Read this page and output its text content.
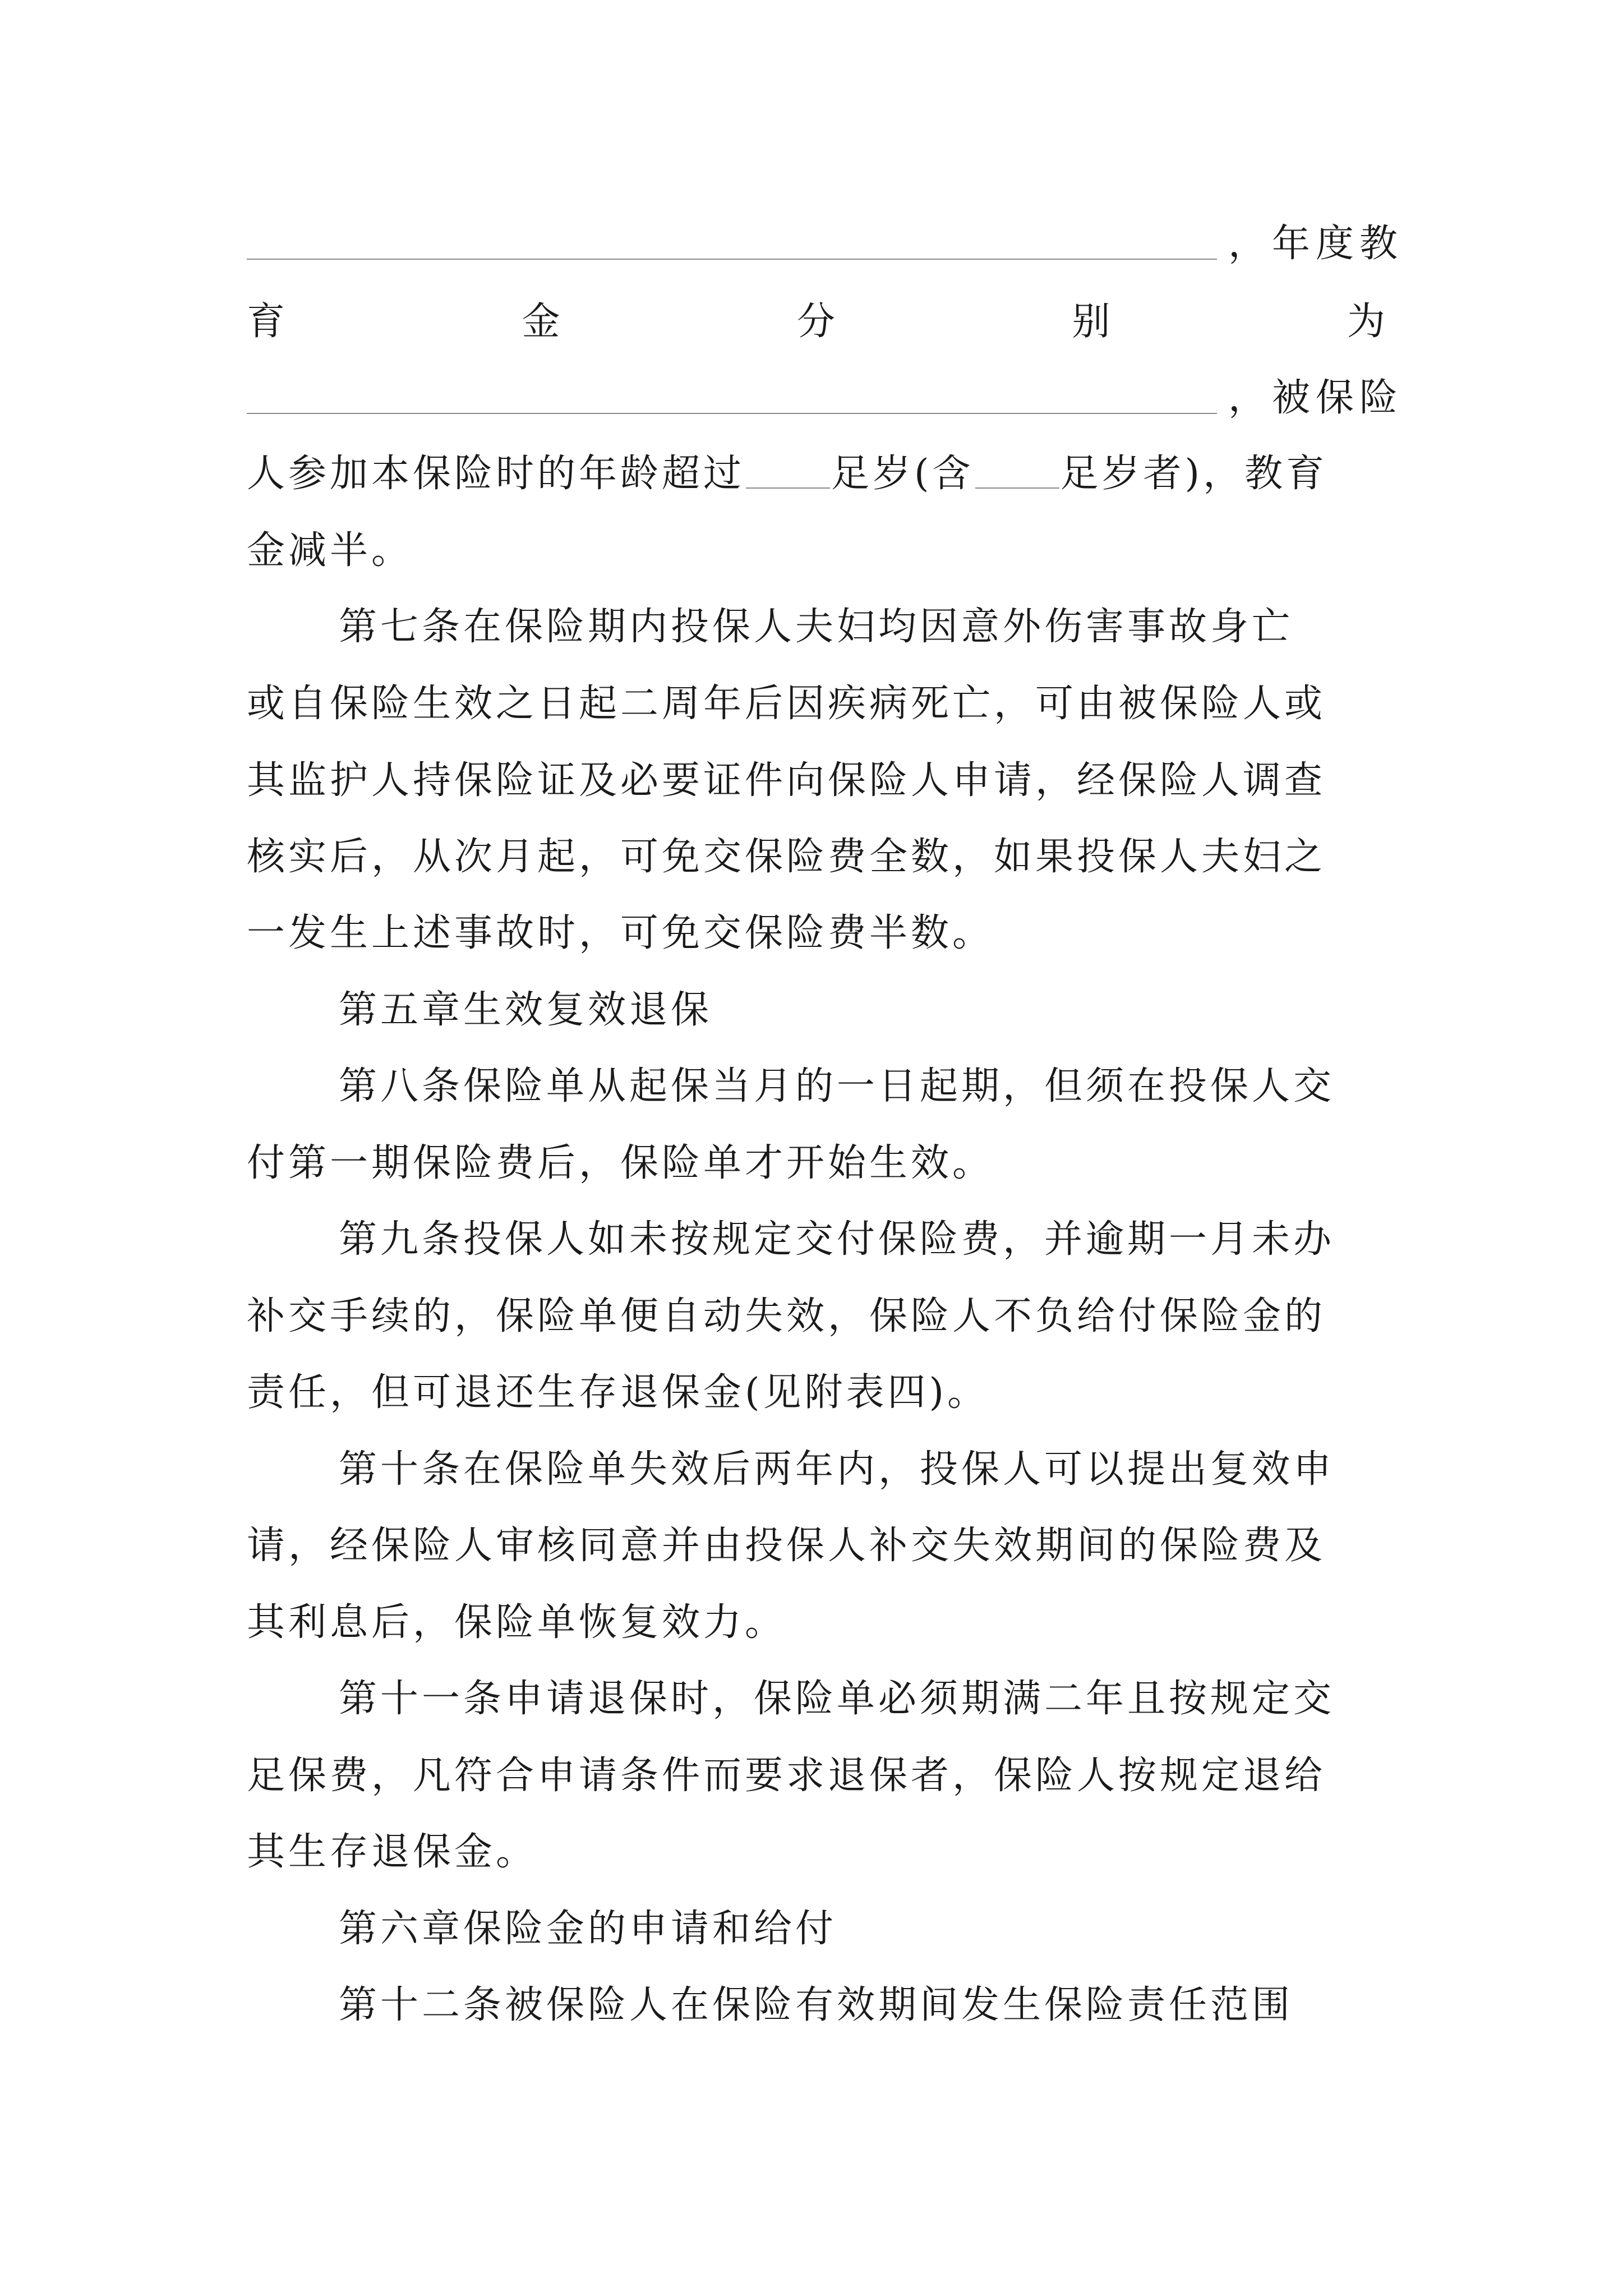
，年度教
育	金	分	别	为
，被保险
人参加本保险时的年龄超过 足岁(含 足岁者)，教育
金减半。
第七条在保险期内投保人夫妇均因意外伤害事故身亡
或自保险生效之日起二周年后因疾病死亡，可由被保险人或
其监护人持保险证及必要证件向保险人申请，经保险人调查
核实后，从次月起，可免交保险费全数，如果投保人夫妇之
一发生上述事故时，可免交保险费半数。
第五章生效复效退保
第八条保险单从起保当月的一日起期，但须在投保人交
付第一期保险费后，保险单才开始生效。
第九条投保人如未按规定交付保险费，并逾期一月未办
补交手续的，保险单便自动失效，保险人不负给付保险金的
责任，但可退还生存退保金(见附表四)。
第十条在保险单失效后两年内，投保人可以提出复效申
请，经保险人审核同意并由投保人补交失效期间的保险费及
其利息后，保险单恢复效力。
第十一条申请退保时，保险单必须期满二年且按规定交
足保费，凡符合申请条件而要求退保者，保险人按规定退给
其生存退保金。
第六章保险金的申请和给付
第十二条被保险人在保险有效期间发生保险责任范围
